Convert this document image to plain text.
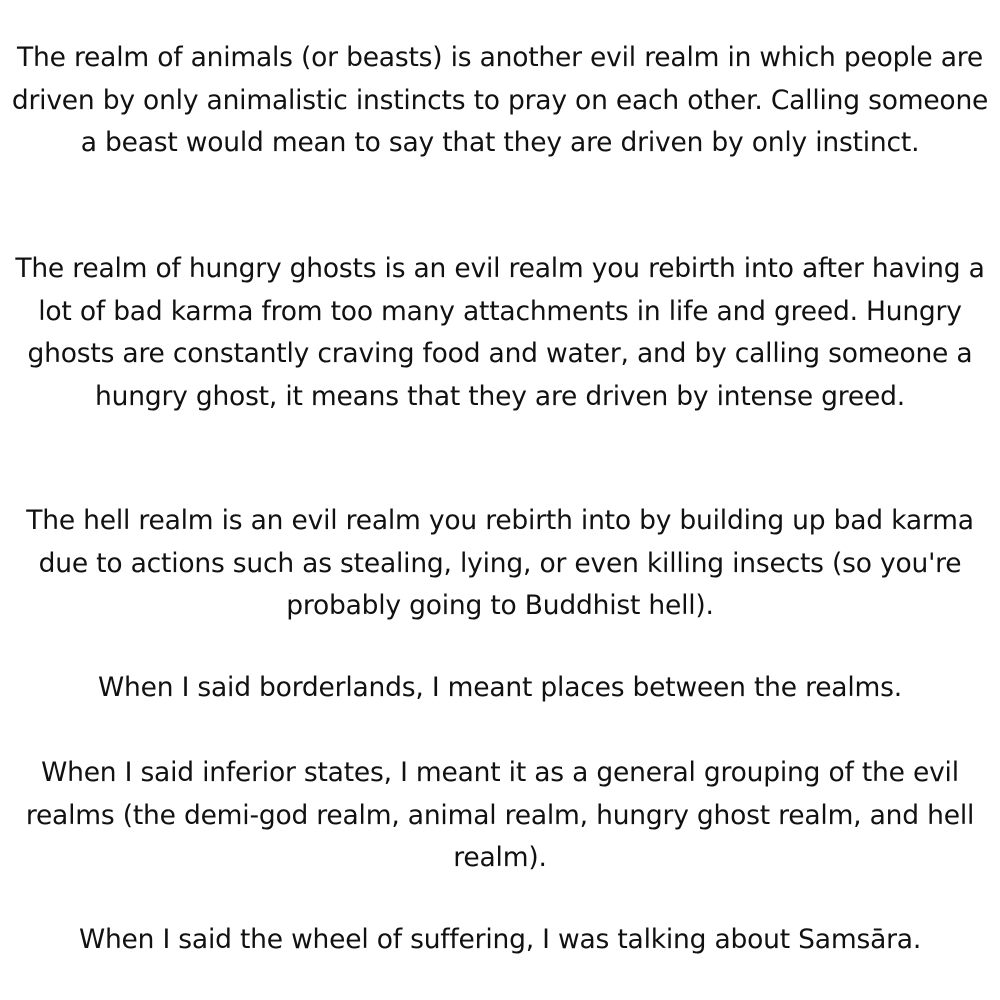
The realm of animals (or beasts) is another evil realm in which people are driven by only animalistic instincts to pray on each other. Calling someone a beast would mean to say that they are driven by only instinct.

The realm of hungry ghosts is an evil realm you rebirth into after having a lot of bad karma from too many attachments in life and greed. Hungry ghosts are constantly craving food and water, and by calling someone a hungry ghost, it means that they are driven by intense greed.

The hell realm is an evil realm you rebirth into by building up bad karma due to actions such as stealing, lying, or even killing insects (so you're probably going to Buddhist hell).

When I said borderlands, I meant places between the realms.

When I said inferior states, I meant it as a general grouping of the evil realms (the demi-god realm, animal realm, hungry ghost realm, and hell realm).

When I said the wheel of suffering, I was talking about Samsāra.
